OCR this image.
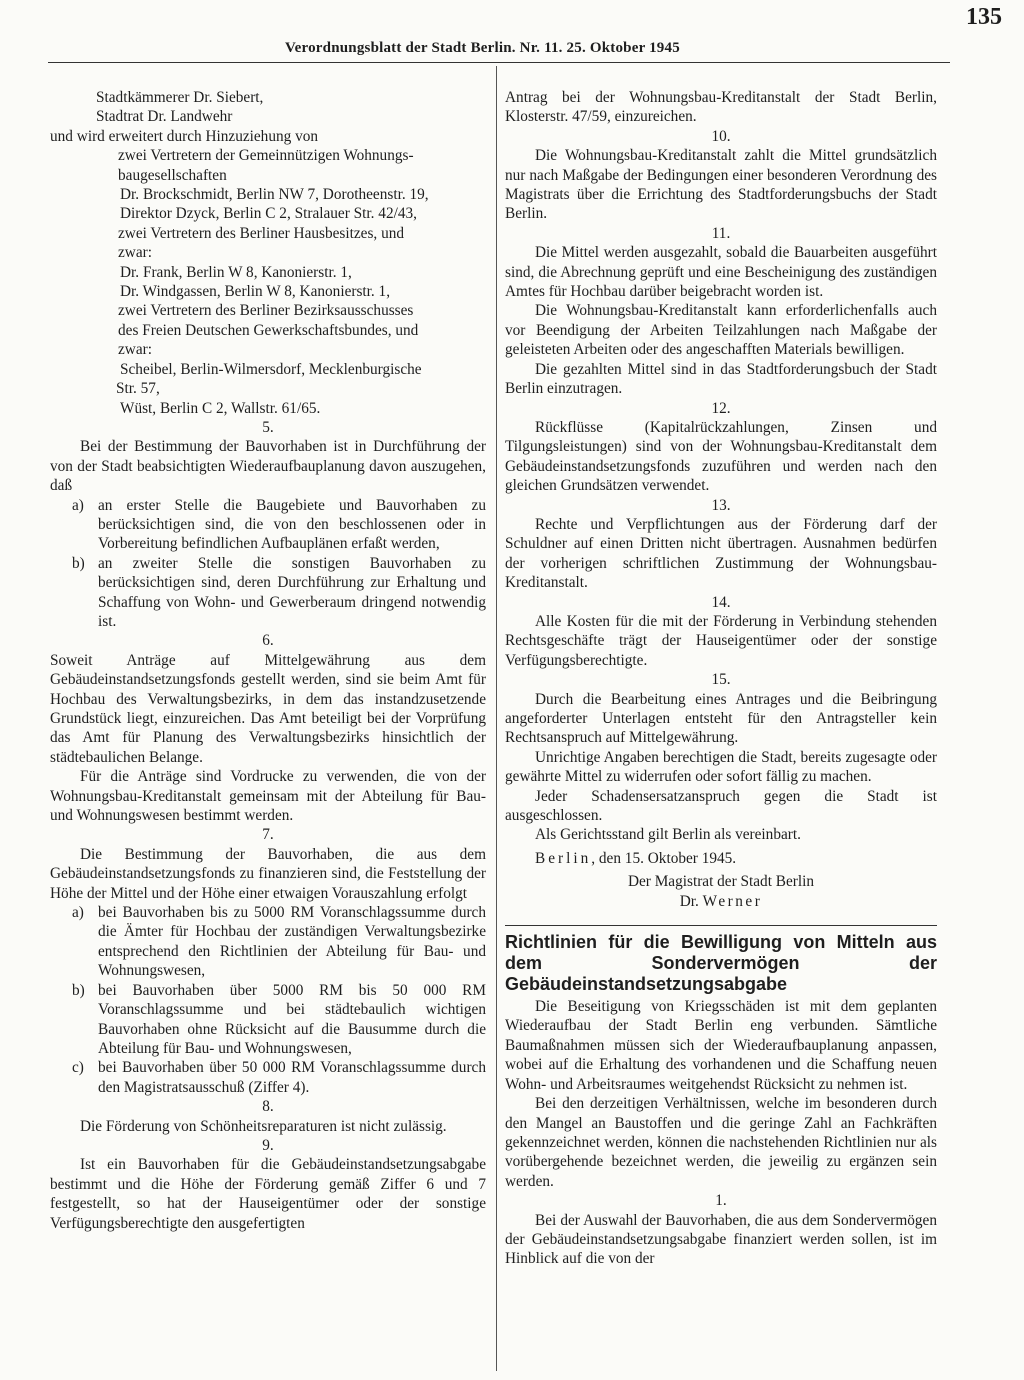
Verordnungsblatt der Stadt Berlin. Nr. 11. 25. Oktober 1945
135

Stadtkämmerer Dr. Siebert,

Stadtrat Dr. Landwehr

und wird erweitert durch Hinzuziehung von

zwei Vertretern der Gemeinnützigen Wohnungs-

baugesellschaften

Dr. Brockschmidt, Berlin NW 7, Dorotheenstr. 19,

Direktor Dzyck, Berlin C 2, Stralauer Str. 42/43,

zwei Vertretern des Berliner Hausbesitzes, und

zwar:

Dr. Frank, Berlin W 8, Kanonierstr. 1,

Dr. Windgassen, Berlin W 8, Kanonierstr. 1,

zwei Vertretern des Berliner Bezirksausschusses

des Freien Deutschen Gewerkschaftsbundes, und

zwar:

Scheibel, Berlin-Wilmersdorf, Mecklenburgische

Str. 57,

Wüst, Berlin C 2, Wallstr. 61/65.

5.

Bei der Bestimmung der Bauvorhaben ist in Durchführung der von der Stadt beabsichtigten Wiederaufbauplanung davon auszugehen, daß

a) an erster Stelle die Baugebiete und Bauvorhaben zu berücksichtigen sind, die von den beschlossenen oder in Vorbereitung befindlichen Aufbauplänen erfaßt werden,
b) an zweiter Stelle die sonstigen Bauvorhaben zu berücksichtigen sind, deren Durchführung zur Erhaltung und Schaffung von Wohn- und Gewerberaum dringend notwendig ist.

6.

Soweit Anträge auf Mittelgewährung aus dem Gebäudeinstandsetzungsfonds gestellt werden, sind sie beim Amt für Hochbau des Verwaltungsbezirks, in dem das instandzusetzende Grundstück liegt, einzureichen. Das Amt beteiligt bei der Vorprüfung das Amt für Planung des Verwaltungsbezirks hinsichtlich der städtebaulichen Belange.

Für die Anträge sind Vordrucke zu verwenden, die von der Wohnungsbau-Kreditanstalt gemeinsam mit der Abteilung für Bau- und Wohnungswesen bestimmt werden.

7.

Die Bestimmung der Bauvorhaben, die aus dem Gebäudeinstandsetzungsfonds zu finanzieren sind, die Feststellung der Höhe der Mittel und der Höhe einer etwaigen Vorauszahlung erfolgt

a) bei Bauvorhaben bis zu 5000 RM Voranschlagssumme durch die Ämter für Hochbau der zuständigen Verwaltungsbezirke entsprechend den Richtlinien der Abteilung für Bau- und Wohnungswesen,
b) bei Bauvorhaben über 5000 RM bis 50 000 RM Voranschlagssumme und bei städtebaulich wichtigen Bauvorhaben ohne Rücksicht auf die Bausumme durch die Abteilung für Bau- und Wohnungswesen,
c) bei Bauvorhaben über 50 000 RM Voranschlagssumme durch den Magistratsausschuß (Ziffer 4).

8.

Die Förderung von Schönheitsreparaturen ist nicht zulässig.

9.

Ist ein Bauvorhaben für die Gebäudeinstandsetzungsabgabe bestimmt und die Höhe der Förderung gemäß Ziffer 6 und 7 festgestellt, so hat der Hauseigentümer oder der sonstige Verfügungsberechtigte den ausgefertigten

Antrag bei der Wohnungsbau-Kreditanstalt der Stadt Berlin, Klosterstr. 47/59, einzureichen.

10.

Die Wohnungsbau-Kreditanstalt zahlt die Mittel grundsätzlich nur nach Maßgabe der Bedingungen einer besonderen Verordnung des Magistrats über die Errichtung des Stadtforderungsbuchs der Stadt Berlin.

11.

Die Mittel werden ausgezahlt, sobald die Bauarbeiten ausgeführt sind, die Abrechnung geprüft und eine Bescheinigung des zuständigen Amtes für Hochbau darüber beigebracht worden ist.

Die Wohnungsbau-Kreditanstalt kann erforderlichenfalls auch vor Beendigung der Arbeiten Teilzahlungen nach Maßgabe der geleisteten Arbeiten oder des angeschafften Materials bewilligen.

Die gezahlten Mittel sind in das Stadtforderungsbuch der Stadt Berlin einzutragen.

12.

Rückflüsse (Kapitalrückzahlungen, Zinsen und Tilgungsleistungen) sind von der Wohnungsbau-Kreditanstalt dem Gebäudeinstandsetzungsfonds zuzuführen und werden nach den gleichen Grundsätzen verwendet.

13.

Rechte und Verpflichtungen aus der Förderung darf der Schuldner auf einen Dritten nicht übertragen. Ausnahmen bedürfen der vorherigen schriftlichen Zustimmung der Wohnungsbau-Kreditanstalt.

14.

Alle Kosten für die mit der Förderung in Verbindung stehenden Rechtsgeschäfte trägt der Hauseigentümer oder der sonstige Verfügungsberechtigte.

15.

Durch die Bearbeitung eines Antrages und die Beibringung angeforderter Unterlagen entsteht für den Antragsteller kein Rechtsanspruch auf Mittelgewährung.

Unrichtige Angaben berechtigen die Stadt, bereits zugesagte oder gewährte Mittel zu widerrufen oder sofort fällig zu machen.

Jeder Schadensersatzanspruch gegen die Stadt ist ausgeschlossen.

Als Gerichtsstand gilt Berlin als vereinbart.

Berlin, den 15. Oktober 1945.

Der Magistrat der Stadt Berlin

Dr. Werner

Richtlinien für die Bewilligung von Mitteln aus dem Sondervermögen der Gebäudeinstandsetzungsabgabe

Die Beseitigung von Kriegsschäden ist mit dem geplanten Wiederaufbau der Stadt Berlin eng verbunden. Sämtliche Baumaßnahmen müssen sich der Wiederaufbauplanung anpassen, wobei auf die Erhaltung des vorhandenen und die Schaffung neuen Wohn- und Arbeitsraumes weitgehendst Rücksicht zu nehmen ist.

Bei den derzeitigen Verhältnissen, welche im besonderen durch den Mangel an Baustoffen und die geringe Zahl an Fachkräften gekennzeichnet werden, können die nachstehenden Richtlinien nur als vorübergehende bezeichnet werden, die jeweilig zu ergänzen sein werden.

1.

Bei der Auswahl der Bauvorhaben, die aus dem Sondervermögen der Gebäudeinstandsetzungsabgabe finanziert werden sollen, ist im Hinblick auf die von der
